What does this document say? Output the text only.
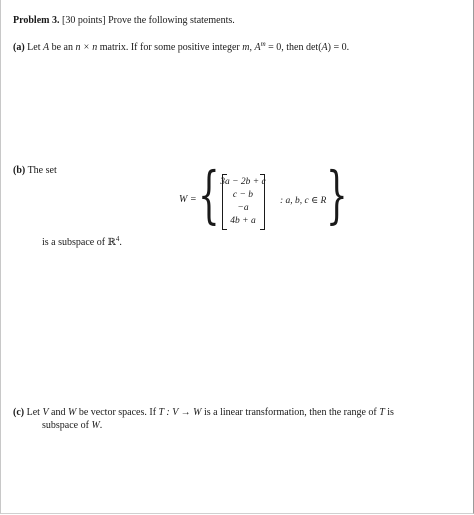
Problem 3. [30 points] Prove the following statements.
(a) Let A be an n × n matrix. If for some positive integer m, $A^m = 0$, then det(A) = 0.
(b) The set
W = { 3a − 2b + c
c − b
−a
4b + a
: a, b, c ∈ R }
is a subspace of ℝ$^4$.
(c) Let V and W be vector spaces. If T : V → W is a linear transformation, then the range of T is
subspace of W.
